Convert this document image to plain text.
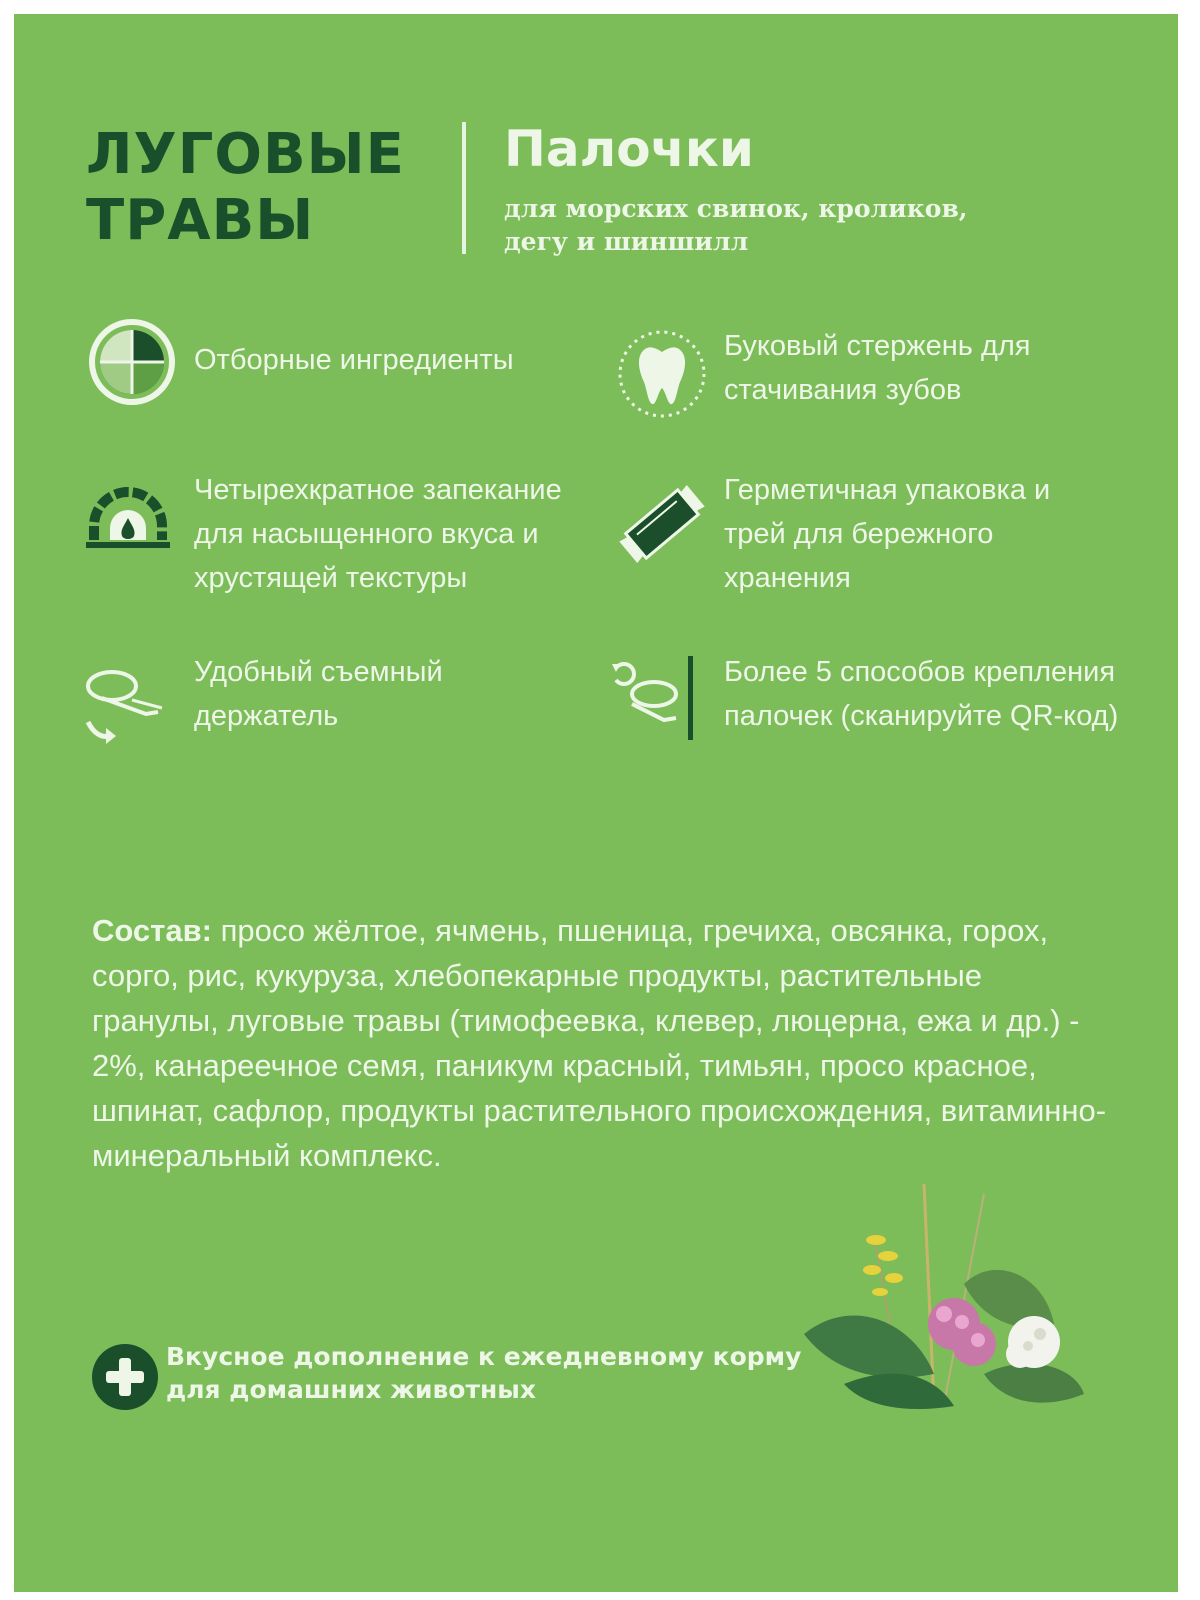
ЛУГОВЫЕ
ТРАВЫ
Палочки
для морских свинок, кроликов, дегу и шиншилл
Отборные ингредиенты	Буковый стержень для
стачивания зубов
Четырехкратное запекание
для насыщенного вкуса и
хрустящей текстуры
Герметичная упаковка и
трей для бережного
хранения
Удобный съемный
держатель
Более 5 способов крепления
палочек (сканируйте QR-код)
Состав: просо жёлтое, ячмень, пшеница, гречиха, овсянка, горох, сорго, рис, кукуруза, хлебопекарные продукты, растительные гранулы, луговые травы (тимофеевка, клевер, люцерна, ежа и др.) - 2%, канареечное семя, паникум красный, тимьян, просо красное, шпинат, сафлор, продукты растительного происхождения, витаминно-минеральный комплекс.
Вкусное дополнение к ежедневному корму для домашних животных
